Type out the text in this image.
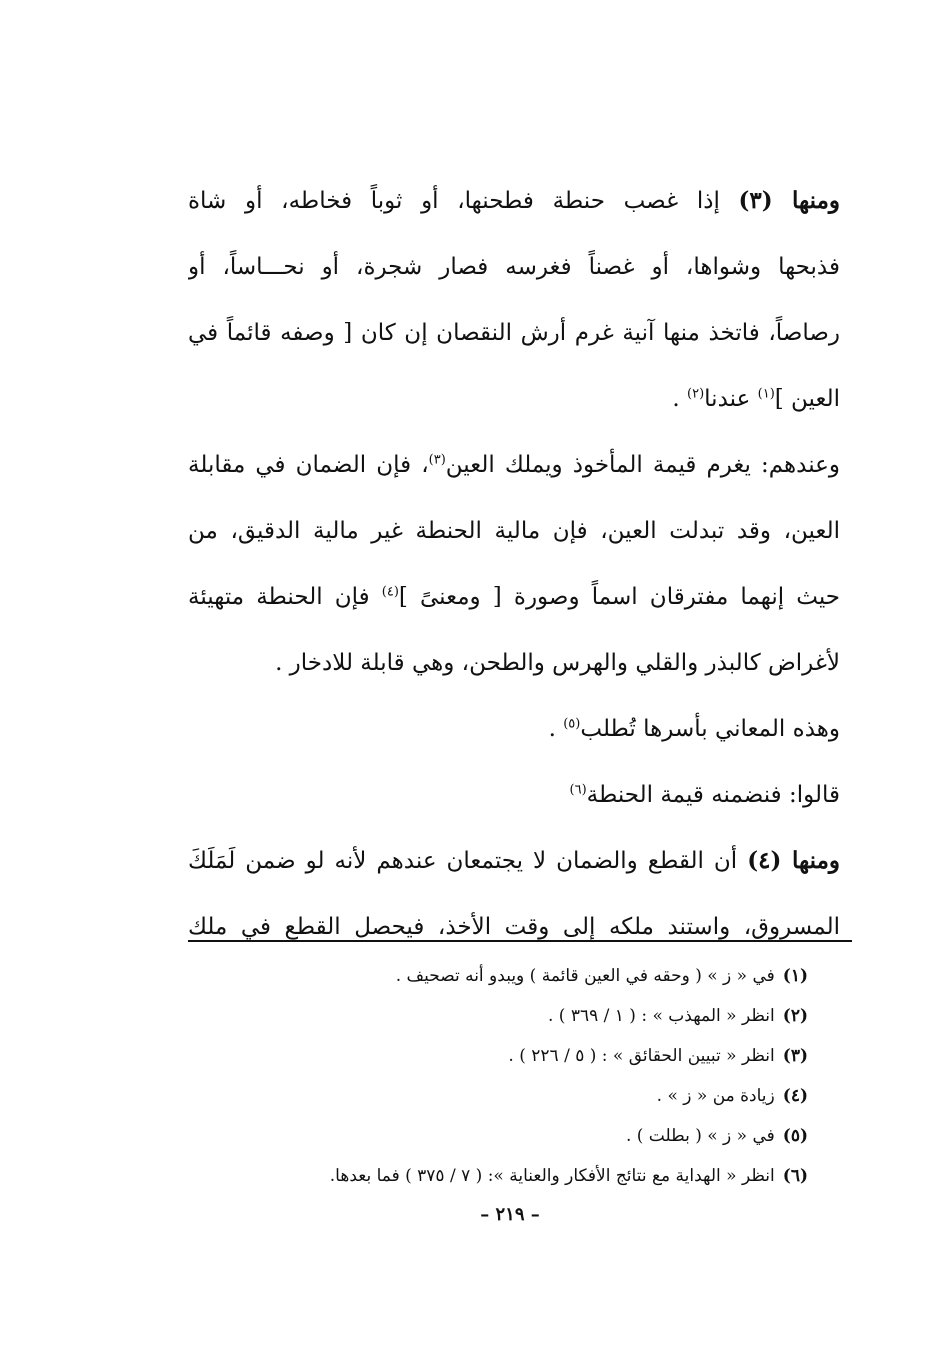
ومنها (٣) إذا غصب حنطة فطحنها، أو ثوباً فخاطه، أو شاة
فذبحها وشواها، أو غصناً فغرسه فصار شجرة، أو نحـــاساً، أو
رصاصاً، فاتخذ منها آنية غرم أرش النقصان إن كان [ وصفه قائماً في
العين ]$^{(١)}$ عندنا$^{(٢)}$ .
وعندهم: يغرم قيمة المأخوذ ويملك العين$^{(٣)}$، فإن الضمان في مقابلة
العين، وقد تبدلت العين، فإن مالية الحنطة غير مالية الدقيق، من
حيث إنهما مفترقان اسماً وصورة [ ومعنىً ]$^{(٤)}$ فإن الحنطة متهيئة
لأغراض كالبذر والقلي والهرس والطحن، وهي قابلة للادخار .
وهذه المعاني بأسرها تُطلب$^{(٥)}$ .
قالوا: فنضمنه قيمة الحنطة$^{(٦)}$
ومنها (٤) أن القطع والضمان لا يجتمعان عندهم لأنه لو ضمن لَمَلَكَ
المسروق، واستند ملكه إلى وقت الأخذ، فيحصل القطع في ملك
(١)في « ز » ( وحقه في العين قائمة ) ويبدو أنه تصحيف .
(٢)انظر « المهذب » : ( ١ / ٣٦٩ ) .
(٣)انظر « تبيين الحقائق » : ( ٥ / ٢٢٦ ) .
(٤)زيادة من « ز » .
(٥)في « ز » ( بطلت ) .
(٦)انظر « الهداية مع نتائج الأفكار والعناية »: ( ٧ / ٣٧٥ ) فما بعدها.
– ٢١٩ –
